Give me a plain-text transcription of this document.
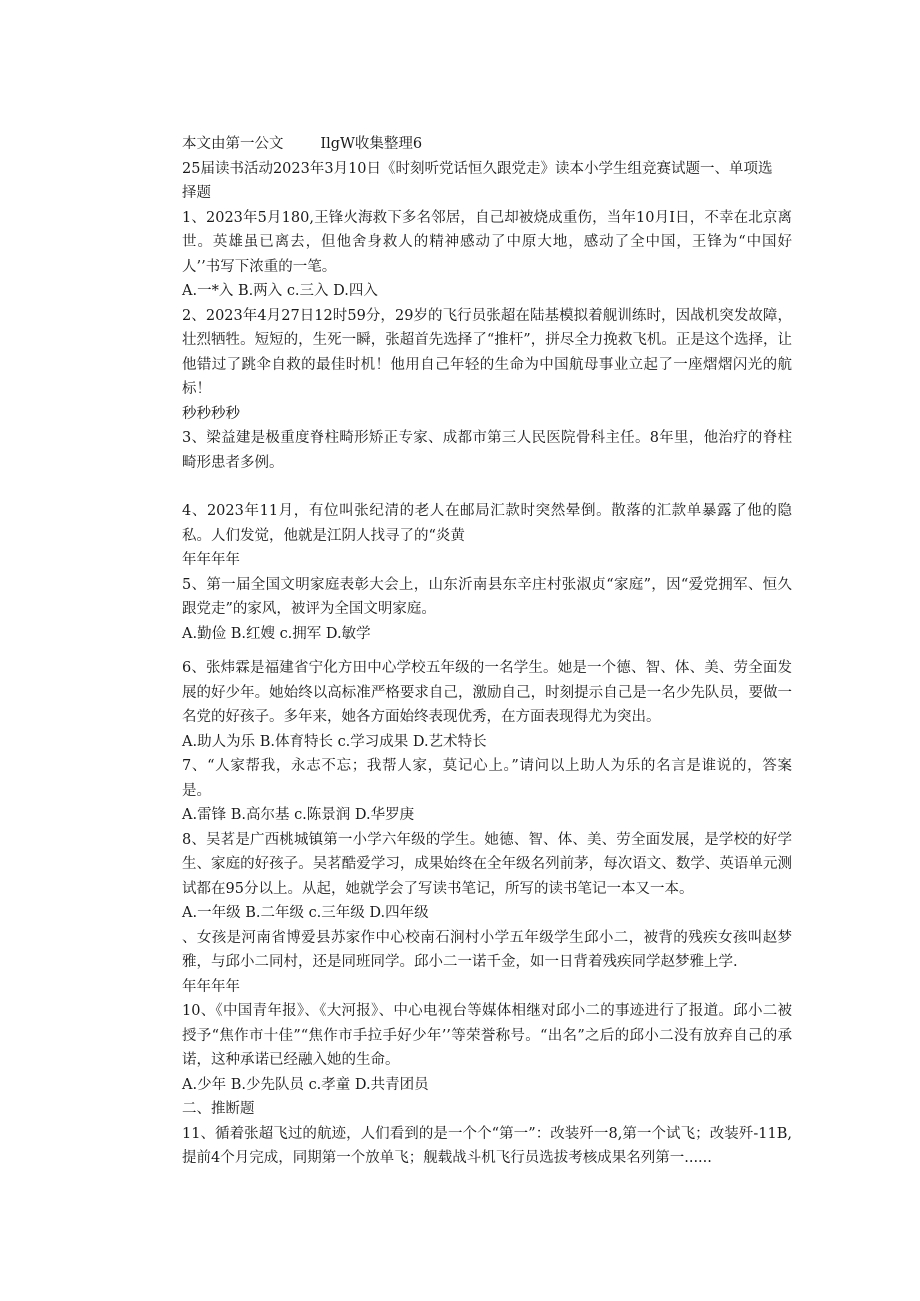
本文由第一公文        IlgW收集整理6

25届读书活动2023年3月10日《时刻听党话恒久跟党走》读本小学生组竞赛试题一、单项选

择题

1、2023年5月180,王锋火海救下多名邻居，自己却被烧成重伤，当年10月I日，不幸在北京离世。英雄虽已离去，但他舍身救人的精神感动了中原大地，感动了全中国，王锋为“中国好人’’书写下浓重的一笔。

A.一*入 B.两入 c.三入 D.四入

2、2023年4月27日12时59分，29岁的飞行员张超在陆基模拟着舰训练时，因战机突发故障，壮烈牺牲。短短的，生死一瞬，张超首先选择了“推杆”，拼尽全力挽救飞机。正是这个选择，让他错过了跳伞自救的最佳时机！他用自己年轻的生命为中国航母事业立起了一座熠熠闪光的航标！

秒秒秒秒

3、梁益建是极重度脊柱畸形矫正专家、成都市第三人民医院骨科主任。8年里，他治疗的脊柱畸形患者多例。

4、2023年11月，有位叫张纪清的老人在邮局汇款时突然晕倒。散落的汇款单暴露了他的隐私。人们发觉，他就是江阴人找寻了的“炎黄

年年年年

5、第一届全国文明家庭表彰大会上，山东沂南县东辛庄村张淑贞“家庭”，因“爱党拥军、恒久跟党走”的家风，被评为全国文明家庭。

A.勤俭 B.红嫂 c.拥军 D.敏学

6、张炜霖是福建省宁化方田中心学校五年级的一名学生。她是一个德、智、体、美、劳全面发展的好少年。她始终以高标准严格要求自己，激励自己，时刻提示自己是一名少先队员，要做一名党的好孩子。多年来，她各方面始终表现优秀，在方面表现得尤为突出。

A.助人为乐 B.体育特长 c.学习成果 D.艺术特长

7、“人家帮我，永志不忘；我帮人家，莫记心上。”请问以上助人为乐的名言是谁说的，答案是。

A.雷锋 B.高尔基 c.陈景润 D.华罗庚

8、吴茗是广西桃城镇第一小学六年级的学生。她德、智、体、美、劳全面发展，是学校的好学生、家庭的好孩子。吴茗酷爱学习，成果始终在全年级名列前茅，每次语文、数学、英语单元测试都在95分以上。从起，她就学会了写读书笔记，所写的读书笔记一本又一本。

A.一年级 B.二年级 c.三年级 D.四年级

、女孩是河南省博爱县苏家作中心校南石涧村小学五年级学生邱小二，被背的残疾女孩叫赵梦雅，与邱小二同村，还是同班同学。邱小二一诺千金，如一日背着残疾同学赵梦雅上学.

年年年年

10、《中国青年报》、《大河报》、中心电视台等媒体相继对邱小二的事迹进行了报道。邱小二被授予“焦作市十佳”“焦作市手拉手好少年’’等荣誉称号。“出名”之后的邱小二没有放弃自己的承诺，这种承诺已经融入她的生命。

A.少年 B.少先队员 c.孝童 D.共青团员

二、推断题

11、循着张超飞过的航迹，人们看到的是一个个“第一”：改装歼一8,第一个试飞；改装歼-11B,提前4个月完成，同期第一个放单飞；舰载战斗机飞行员选拔考核成果名列第一......
